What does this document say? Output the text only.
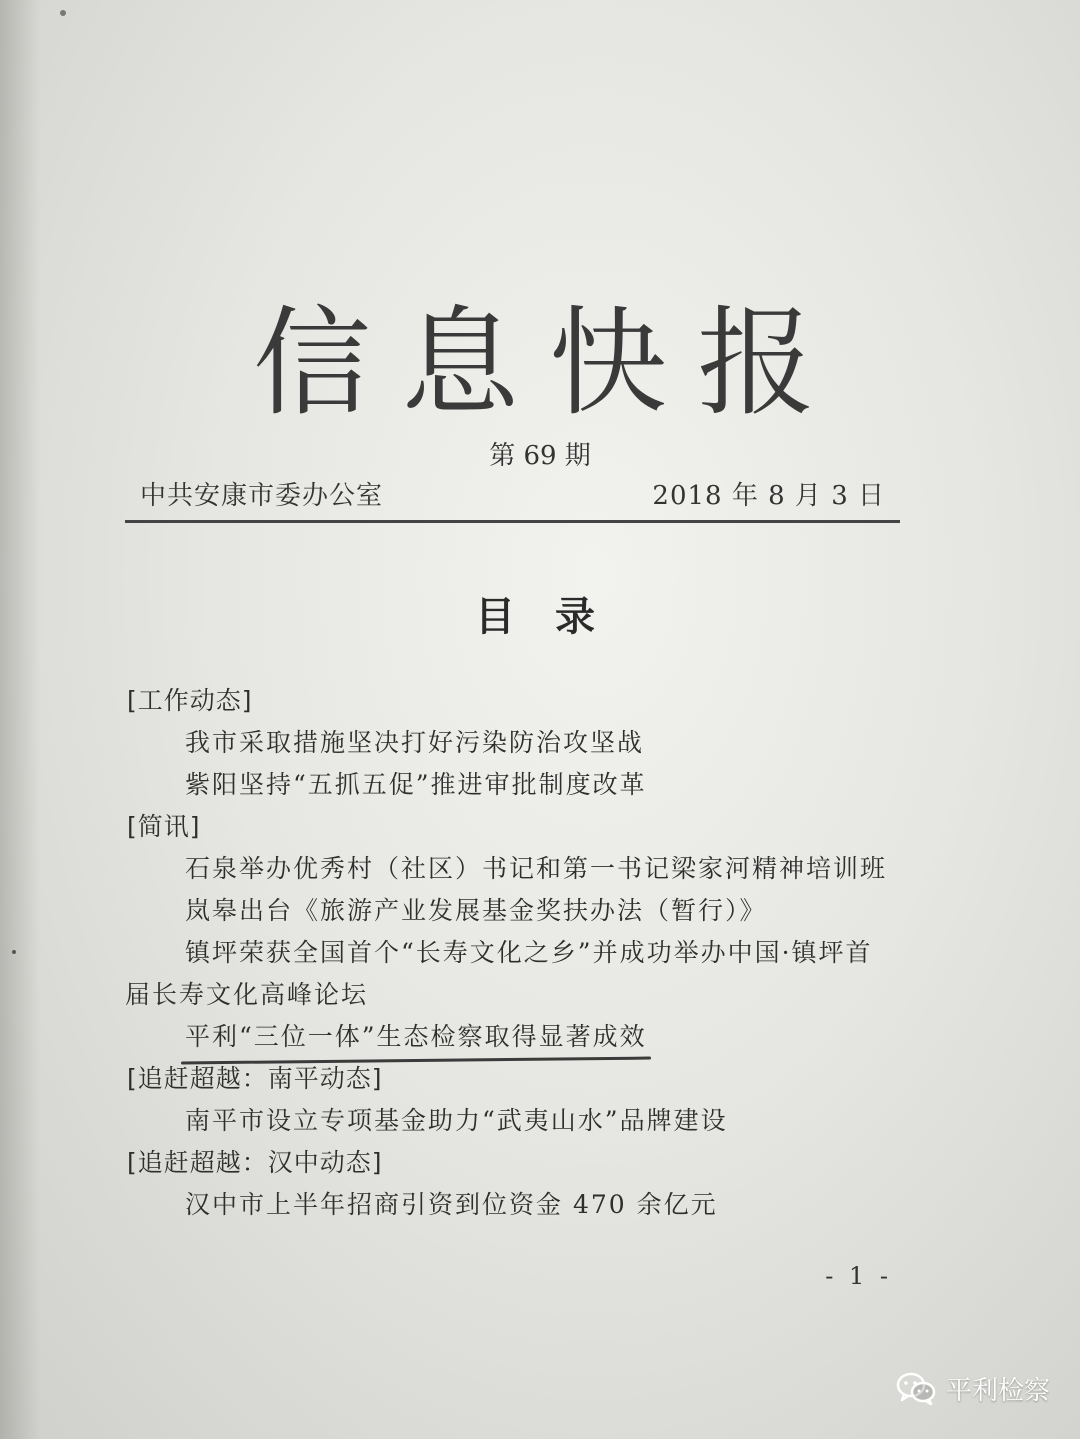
信息快报
第 69 期
中共安康市委办公室	2018 年 8 月 3 日
目录
[工作动态]
我市采取措施坚决打好污染防治攻坚战
紫阳坚持“五抓五促”推进审批制度改革
[简讯]
石泉举办优秀村（社区）书记和第一书记梁家河精神培训班
岚皋出台《旅游产业发展基金奖扶办法（暂行）》
镇坪荣获全国首个“长寿文化之乡”并成功举办中国·镇坪首
届长寿文化高峰论坛
平利“三位一体”生态检察取得显著成效
[追赶超越：南平动态]
南平市设立专项基金助力“武夷山水”品牌建设
[追赶超越：汉中动态]
汉中市上半年招商引资到位资金 470 余亿元
- 1 -
平利检察
